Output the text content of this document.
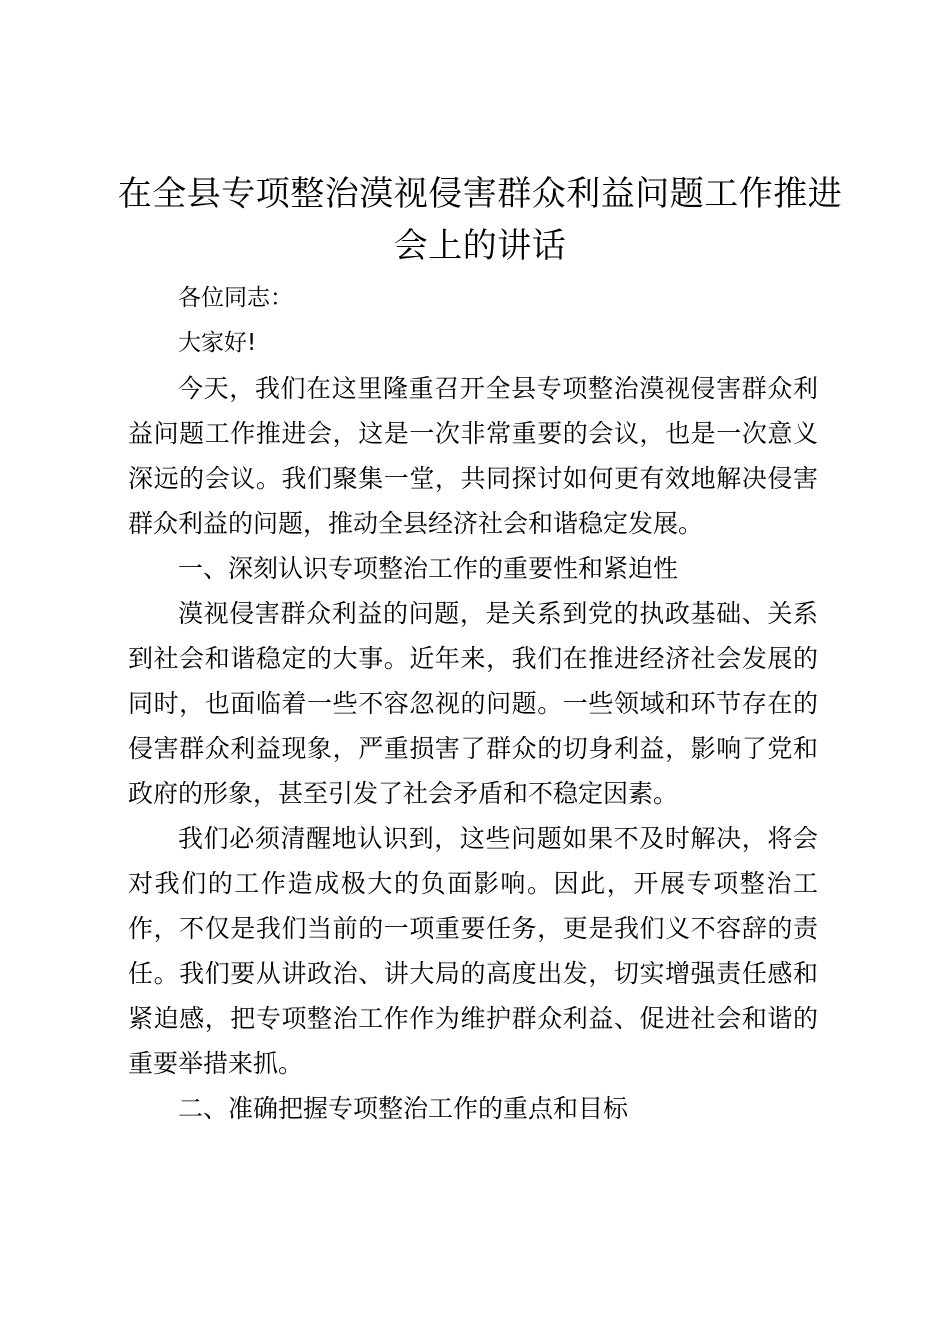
在全县专项整治漠视侵害群众利益问题工作推进会上的讲话

各位同志：

大家好!

今天，我们在这里隆重召开全县专项整治漠视侵害群众利益问题工作推进会，这是一次非常重要的会议，也是一次意义深远的会议。我们聚集一堂，共同探讨如何更有效地解决侵害群众利益的问题，推动全县经济社会和谐稳定发展。

一、深刻认识专项整治工作的重要性和紧迫性

漠视侵害群众利益的问题，是关系到党的执政基础、关系到社会和谐稳定的大事。近年来，我们在推进经济社会发展的同时，也面临着一些不容忽视的问题。一些领域和环节存在的侵害群众利益现象，严重损害了群众的切身利益，影响了党和政府的形象，甚至引发了社会矛盾和不稳定因素。

我们必须清醒地认识到，这些问题如果不及时解决，将会对我们的工作造成极大的负面影响。因此，开展专项整治工作，不仅是我们当前的一项重要任务，更是我们义不容辞的责任。我们要从讲政治、讲大局的高度出发，切实增强责任感和紧迫感，把专项整治工作作为维护群众利益、促进社会和谐的重要举措来抓。

二、准确把握专项整治工作的重点和目标
